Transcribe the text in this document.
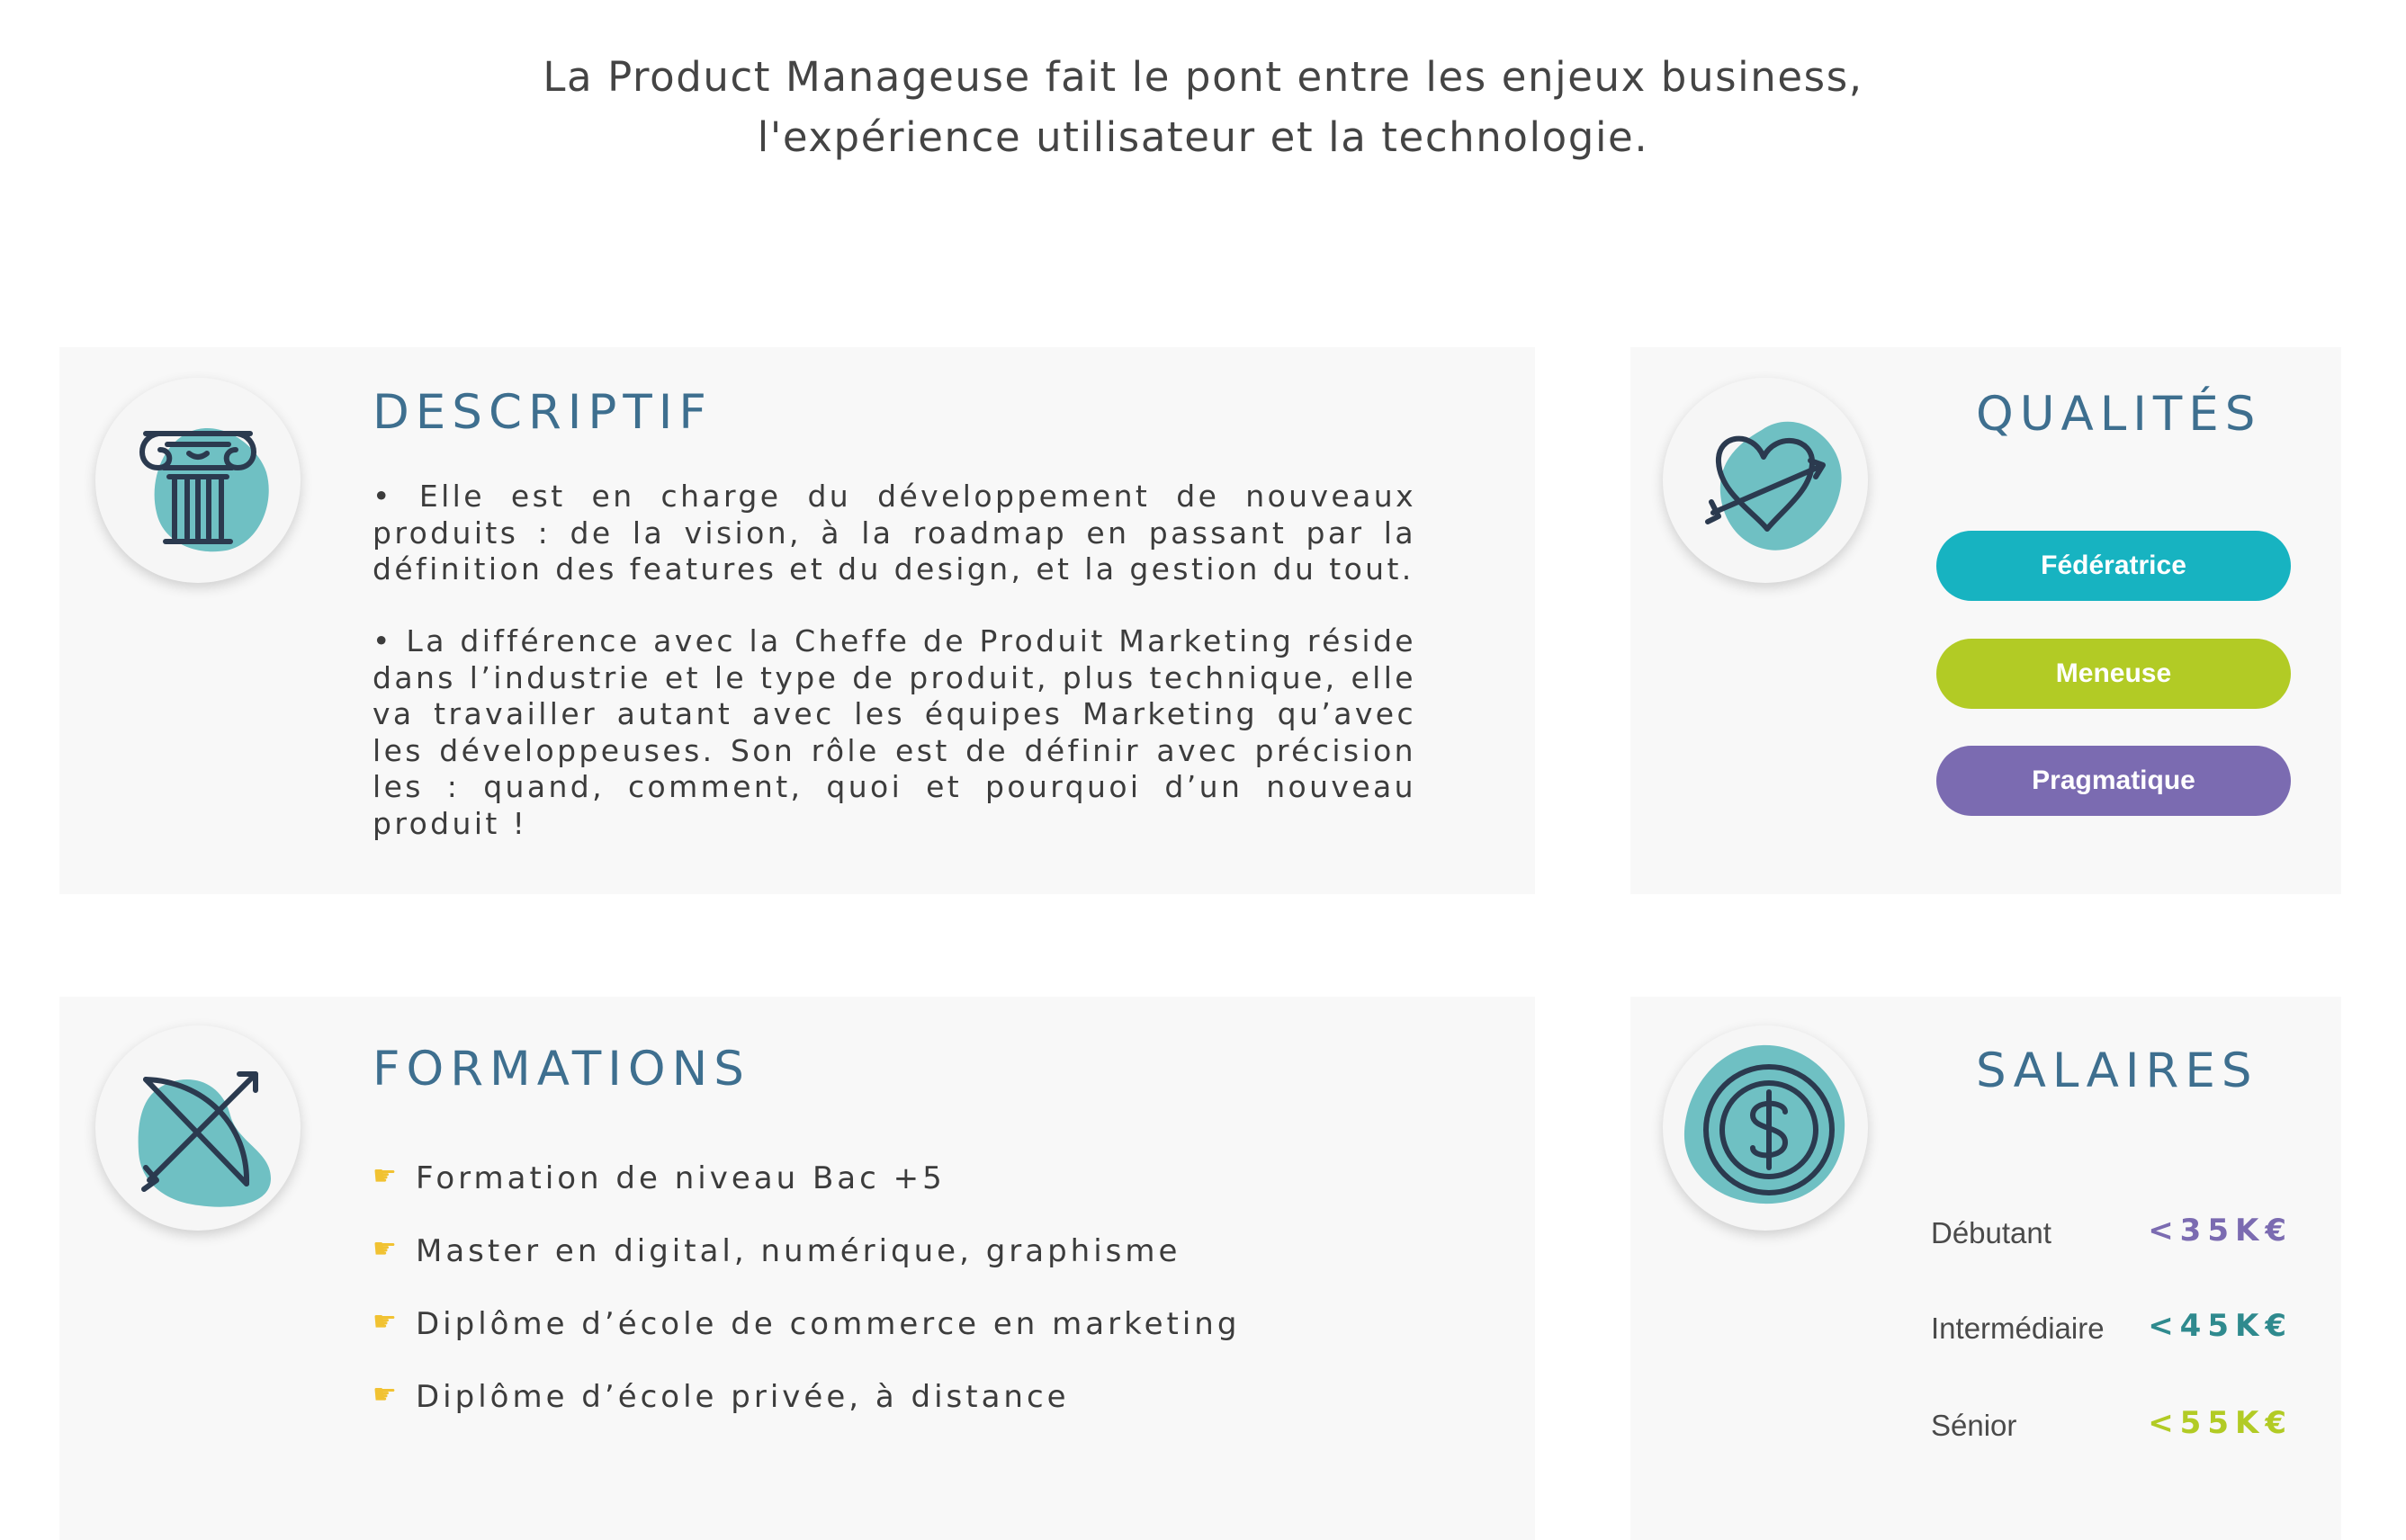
La Product Manageuse fait le pont entre les enjeux business,
l'expérience utilisateur et la technologie.
DESCRIPTIF
• Elle est en charge du développement de nouveaux produits : de la vision, à la roadmap en passant par la définition des features et du design, et la gestion du tout.
• La différence avec la Cheffe de Produit Marketing réside dans l’industrie et le type de produit, plus technique, elle va travailler autant avec les équipes Marketing qu’avec les développeuses. Son rôle est de définir avec précision les : quand, comment, quoi et pourquoi d’un nouveau produit !
QUALITÉS
Fédératrice
Meneuse
Pragmatique
FORMATIONS
☛ Formation de niveau Bac +5
☛ Master en digital, numérique, graphisme
☛ Diplôme d’école de commerce en marketing
☛ Diplôme d’école privée, à distance
SALAIRES
Débutant	<35K€
Intermédiaire <45K€
Sénior	<55K€
